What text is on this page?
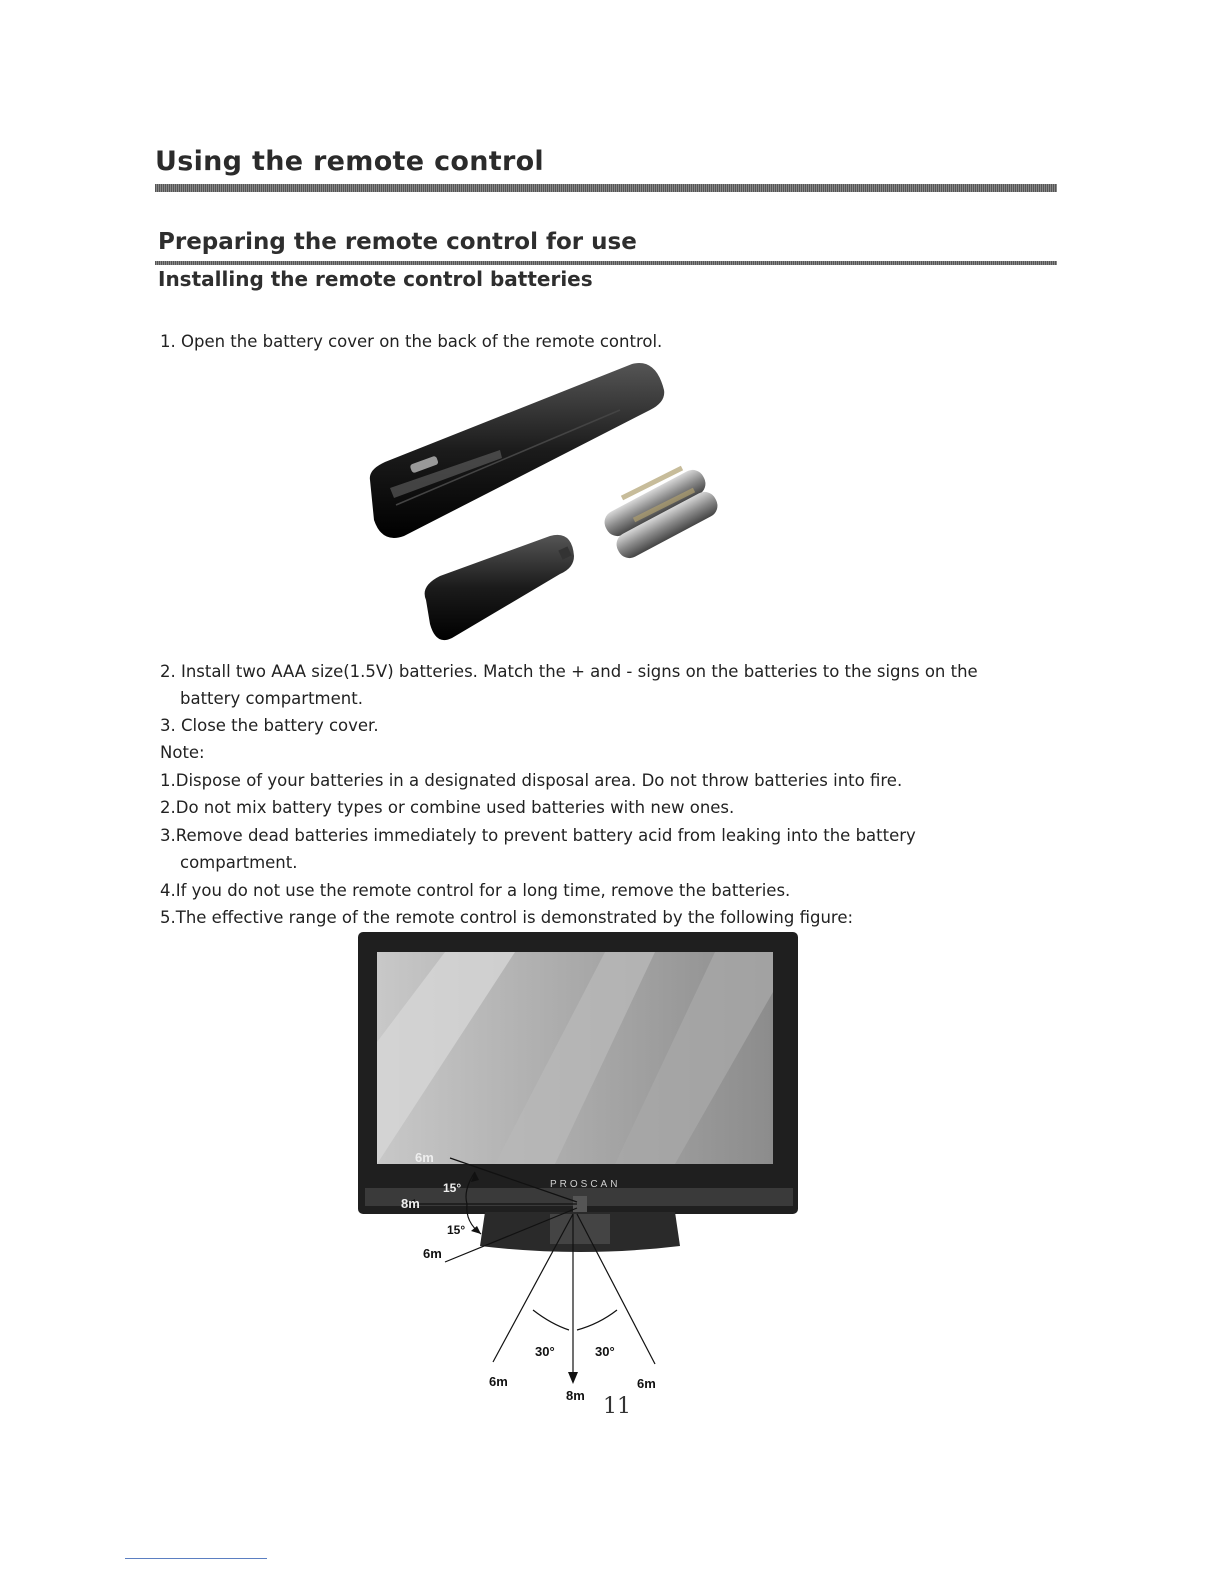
Using the remote control
Preparing the remote control for use
Installing the remote control batteries
1. Open the battery cover on the back of the remote control.
2. Install two AAA size(1.5V) batteries. Match the + and - signs on the batteries to the signs on the
battery compartment.
3. Close the battery cover.
Note:
1.Dispose of your batteries in a designated disposal area. Do not throw batteries into fire.
2.Do not mix battery types or combine used batteries with new ones.
3.Remove dead batteries immediately to prevent battery acid from leaking into the battery
compartment.
4.If you do not use the remote control for a long time, remove the batteries.
5.The effective range of the remote control is demonstrated by the following figure:
PROSCAN
6m
15°
8m
15°
6m
30°	30°
6m
8m
6m
11
